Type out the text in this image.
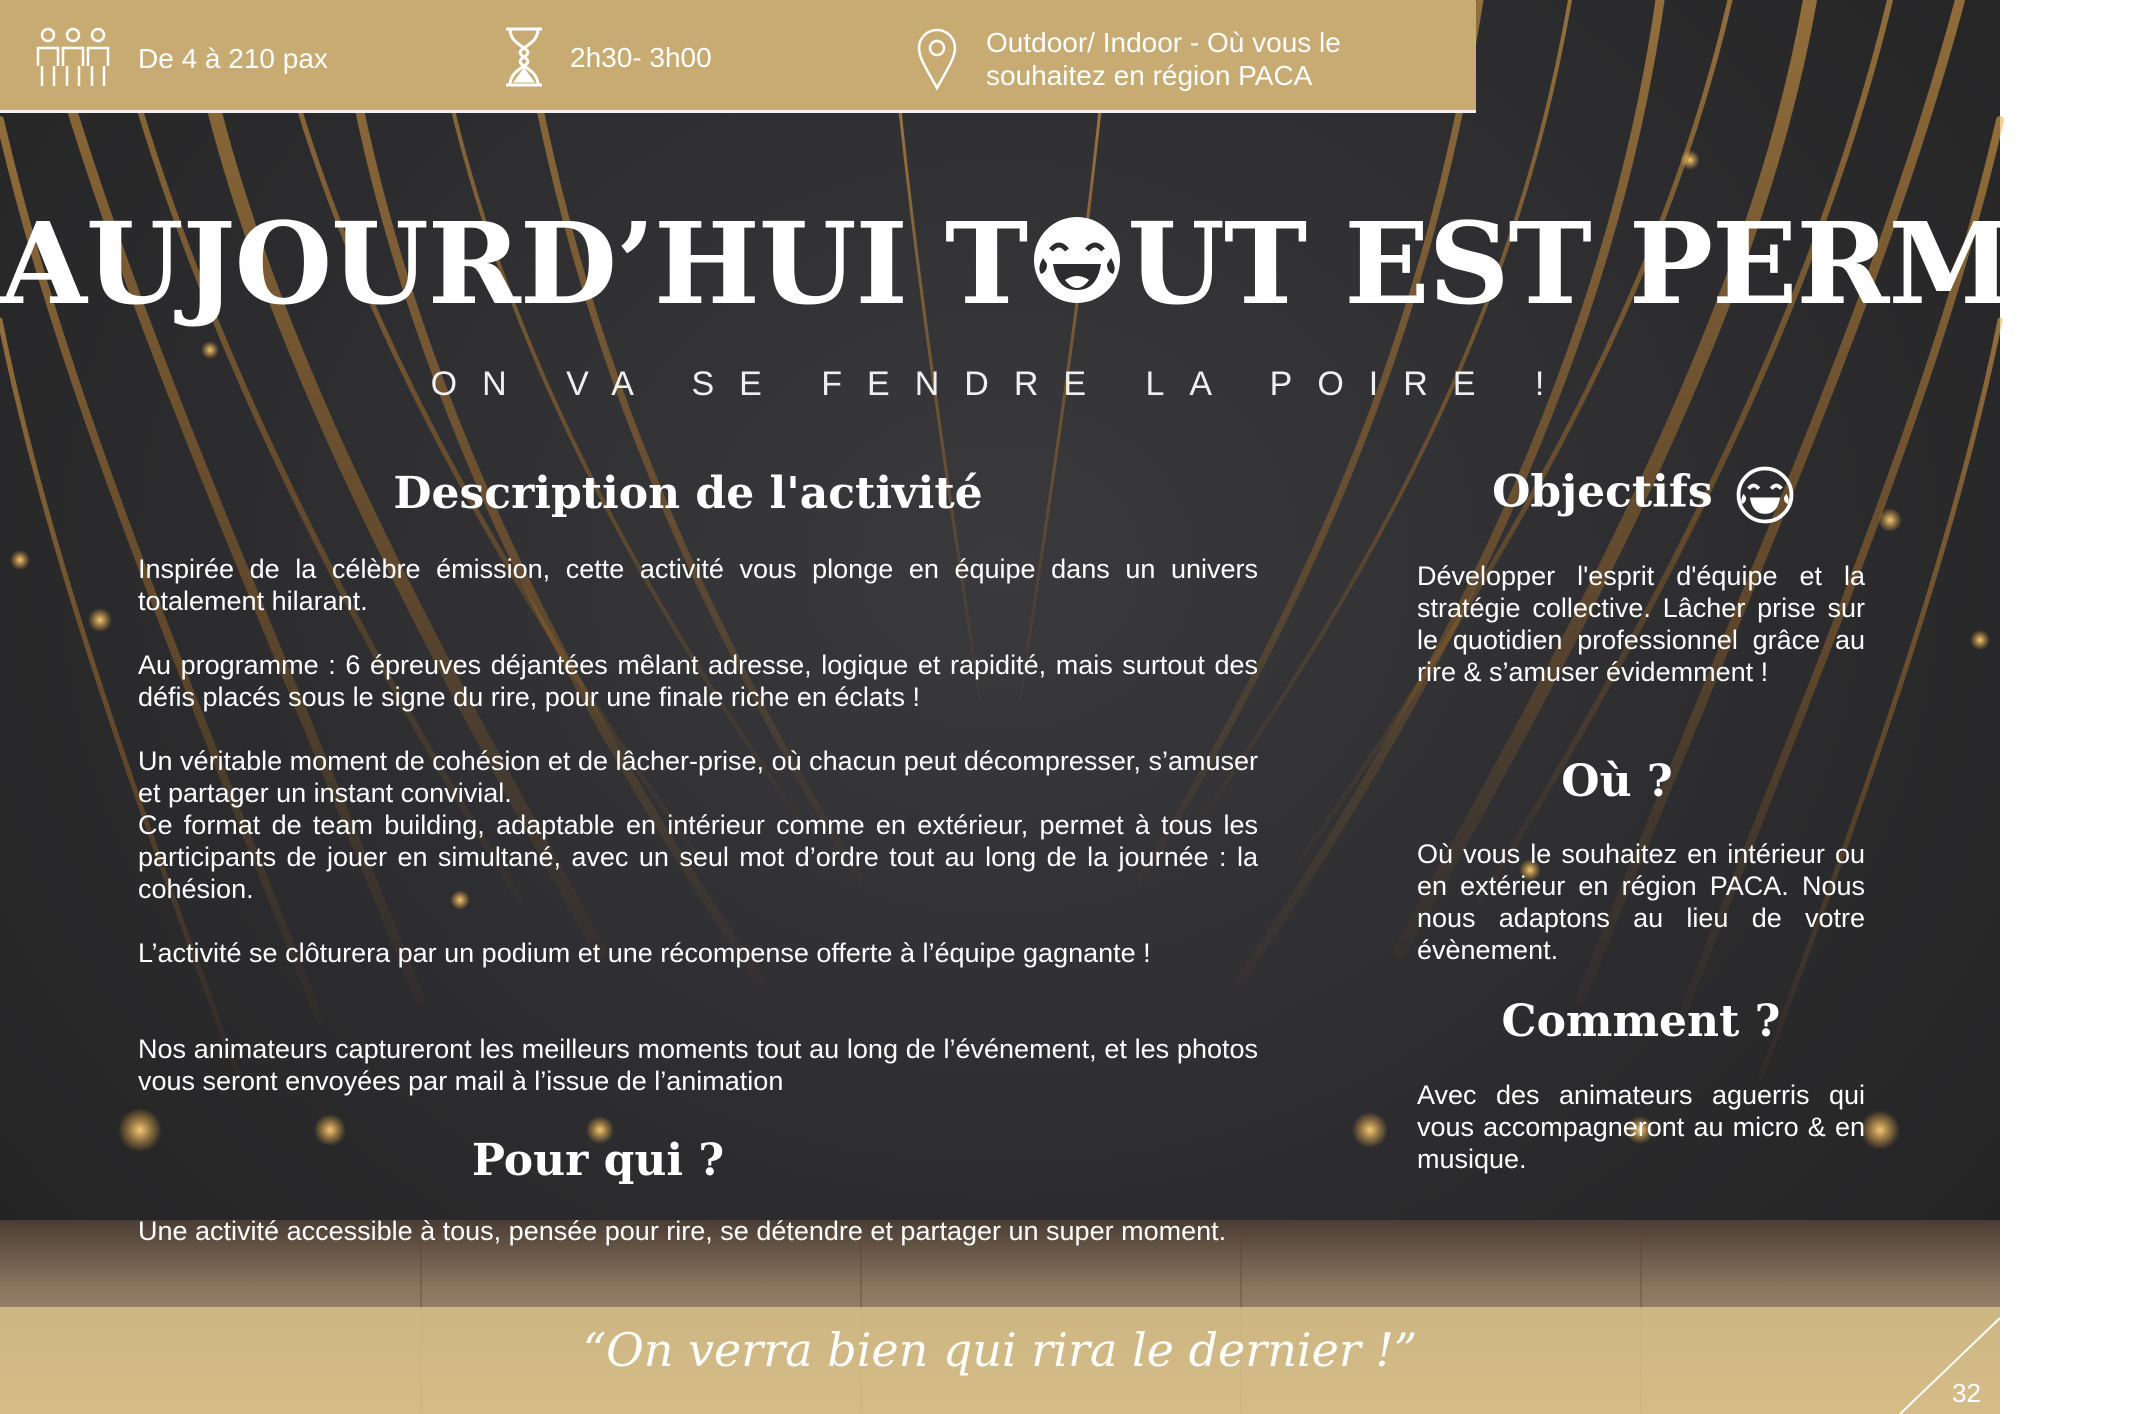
De 4 à 210 pax	2h30- 3h00	Outdoor/ Indoor - Où vous le
souhaitez en région PACA
AUJOURD’HUI T UT EST PERMIS
ON VA SE FENDRE LA POIRE !
Description de l'activité

Inspirée de la célèbre émission, cette activité vous plonge en équipe dans un univers totalement hilarant.

Au programme : 6 épreuves déjantées mêlant adresse, logique et rapidité, mais surtout des défis placés sous le signe du rire, pour une finale riche en éclats !

Un véritable moment de cohésion et de lâcher-prise, où chacun peut décompresser, s’amuser et partager un instant convivial.

Ce format de team building, adaptable en intérieur comme en extérieur, permet à tous les participants de jouer en simultané, avec un seul mot d’ordre tout au long de la journée : la cohésion.

L’activité se clôturera par un podium et une récompense offerte à l’équipe gagnante !

Nos animateurs captureront les meilleurs moments tout au long de l’événement, et les photos vous seront envoyées par mail à l’issue de l’animation

Pour qui ?

Une activité accessible à tous, pensée pour rire, se détendre et partager un super moment.

Objectifs

Développer l'esprit d'équipe et la stratégie collective. Lâcher prise sur le quotidien professionnel grâce au rire & s’amuser évidemment !

Où ?

Où vous le souhaitez en intérieur ou en extérieur en région PACA. Nous nous adaptons au lieu de votre évènement.

Comment ?

Avec des animateurs aguerris qui vous accompagneront au micro & en musique.

“On verra bien qui rira le dernier !”
32
